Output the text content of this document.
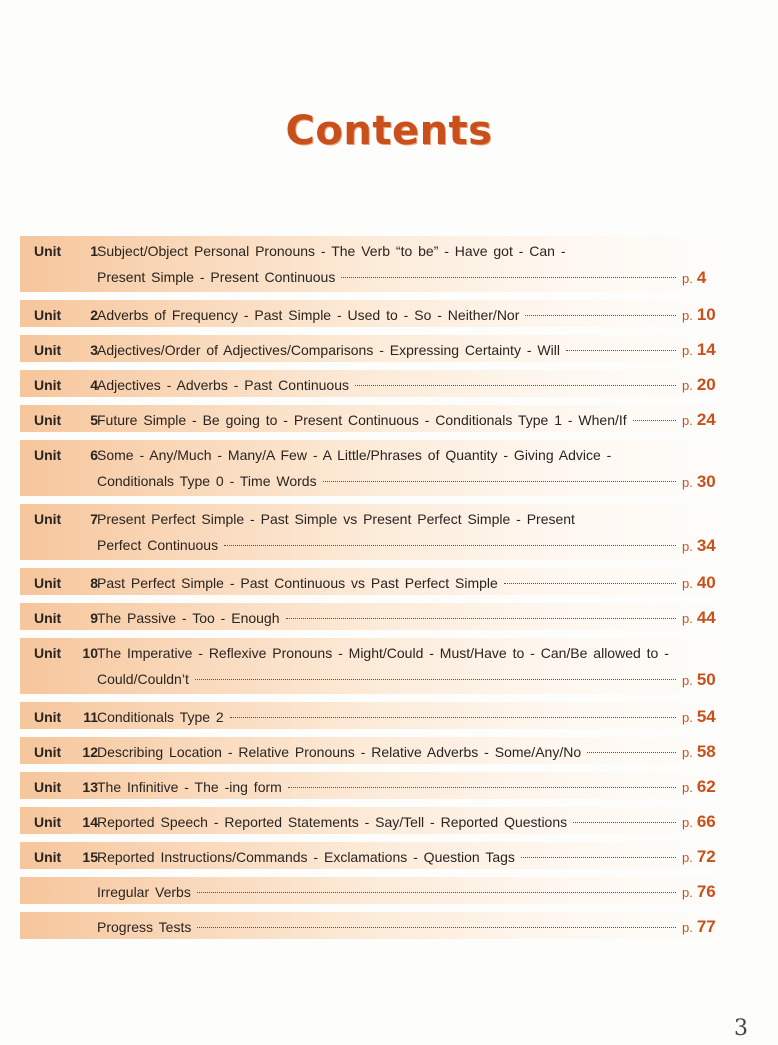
Contents
Unit 1 Subject/Object Personal Pronouns - The Verb “to be” - Have got - Can -
Present Simple - Present Continuous	p. 4
Unit 2 Adverbs of Frequency - Past Simple - Used to - So - Neither/Nor	p. 10
Unit 3 Adjectives/Order of Adjectives/Comparisons - Expressing Certainty - Will	p. 14
Unit 4 Adjectives - Adverbs - Past Continuous	p. 20
Unit 5 Future Simple - Be going to - Present Continuous - Conditionals Type 1 - When/If	p. 24
Unit 6 Some - Any/Much - Many/A Few - A Little/Phrases of Quantity - Giving Advice -
Conditionals Type 0 - Time Words	p. 30
Unit 7 Present Perfect Simple - Past Simple vs Present Perfect Simple - Present
Perfect Continuous	p. 34
Unit 8 Past Perfect Simple - Past Continuous vs Past Perfect Simple	p. 40
Unit 9 The Passive - Too - Enough	p. 44
Unit 10 The Imperative - Reflexive Pronouns - Might/Could - Must/Have to - Can/Be allowed to -
Could/Couldn’t	p. 50
Unit 11 Conditionals Type 2	p. 54
Unit 12 Describing Location - Relative Pronouns - Relative Adverbs - Some/Any/No	p. 58
Unit 13 The Infinitive - The -ing form	p. 62
Unit 14 Reported Speech - Reported Statements - Say/Tell - Reported Questions	p. 66
Unit 15 Reported Instructions/Commands - Exclamations - Question Tags	p. 72
Irregular Verbs	p. 76
Progress Tests	p. 77
3
